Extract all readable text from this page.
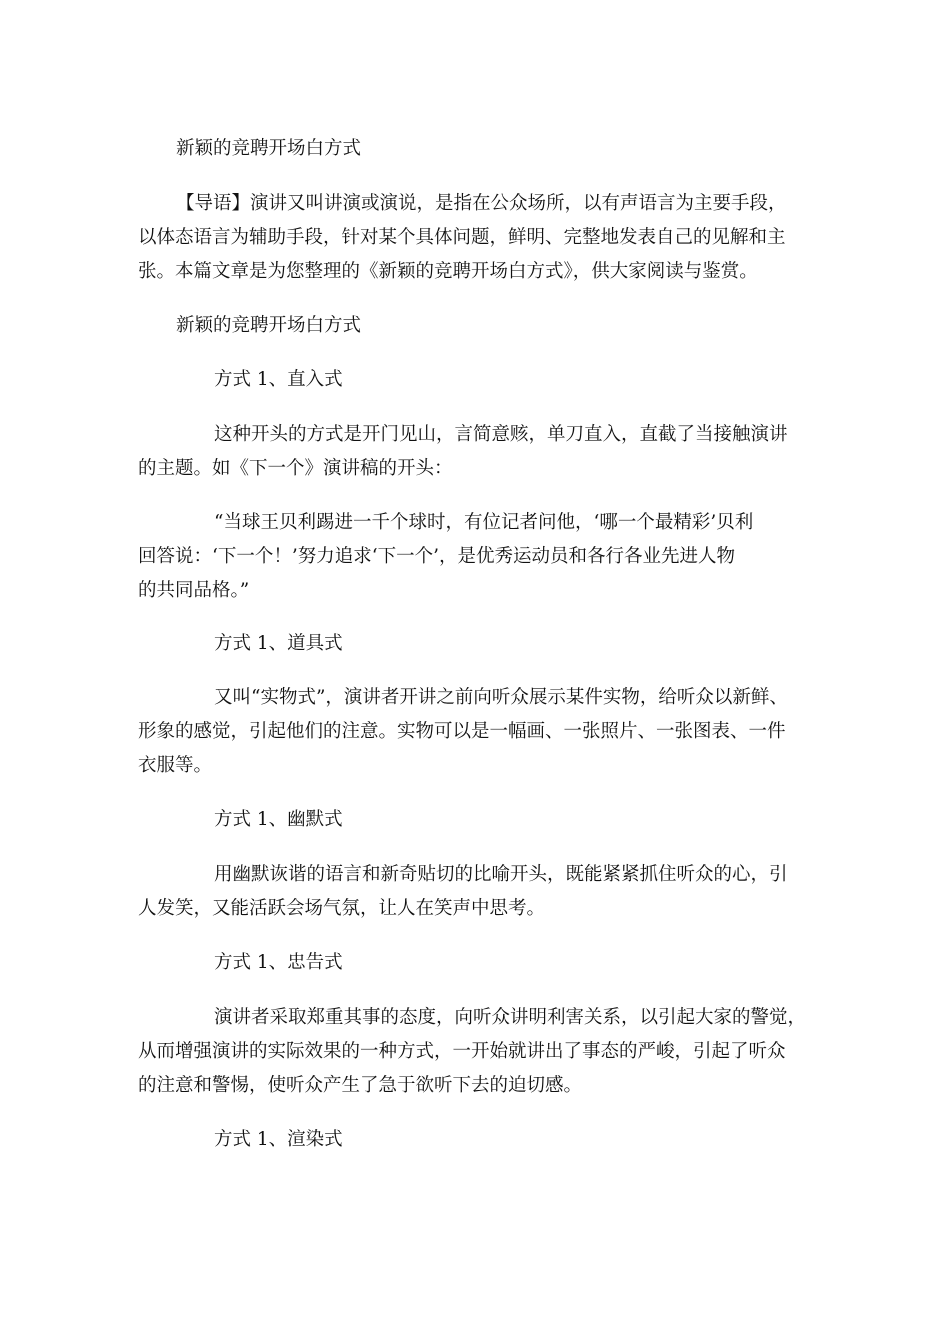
新颖的竞聘开场白方式
【导语】演讲又叫讲演或演说，是指在公众场所，以有声语言为主要手段，
以体态语言为辅助手段，针对某个具体问题，鲜明、完整地发表自己的见解和主
张。本篇文章是为您整理的《新颖的竞聘开场白方式》，供大家阅读与鉴赏。
新颖的竞聘开场白方式
方式 1、直入式
这种开头的方式是开门见山，言简意赅，单刀直入，直截了当接触演讲
的主题。如《下一个》演讲稿的开头：
“当球王贝利踢进一千个球时，有位记者问他，‘哪一个最精彩’贝利
回答说：‘下一个！’努力追求‘下一个’，是优秀运动员和各行各业先进人物
的共同品格。”
方式 1、道具式
又叫“实物式”，演讲者开讲之前向听众展示某件实物，给听众以新鲜、
形象的感觉，引起他们的注意。实物可以是一幅画、一张照片、一张图表、一件
衣服等。
方式 1、幽默式
用幽默诙谐的语言和新奇贴切的比喻开头，既能紧紧抓住听众的心，引
人发笑，又能活跃会场气氛，让人在笑声中思考。
方式 1、忠告式
演讲者采取郑重其事的态度，向听众讲明利害关系，以引起大家的警觉，
从而增强演讲的实际效果的一种方式，一开始就讲出了事态的严峻，引起了听众
的注意和警惕，使听众产生了急于欲听下去的迫切感。
方式 1、渲染式
